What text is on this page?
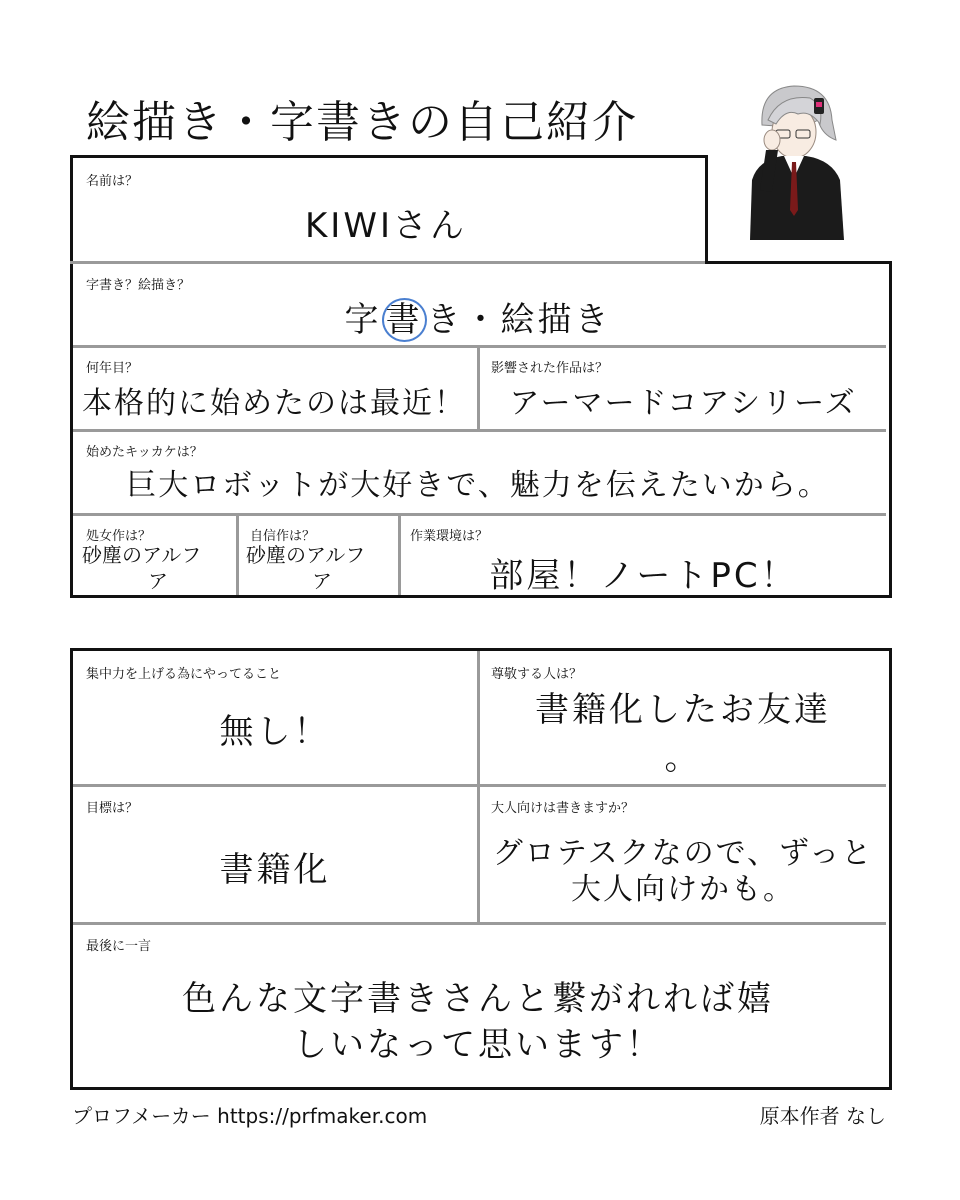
絵描き・字書きの自己紹介
名前は？
KIWIさん
字書き？絵描き？
字 書 き・絵描き
何年目？
本格的に始めたのは最近！
影響された作品は？
アーマードコアシリーズ
始めたキッカケは？
巨大ロボットが大好きで、魅力を伝えたいから。
処女作は？
砂塵のアルフ
ア
自信作は？
砂塵のアルフ
ア
作業環境は？
部屋！ノートPC！
集中力を上げる為にやってること
無し！
尊敬する人は？
書籍化したお友達
。
目標は？
書籍化
大人向けは書きますか？
グロテスクなので、ずっと
大人向けかも。
最後に一言
色んな文字書きさんと繋がれれば嬉
しいなって思います！
プロフメーカー https://prfmaker.com	原本作者 なし
